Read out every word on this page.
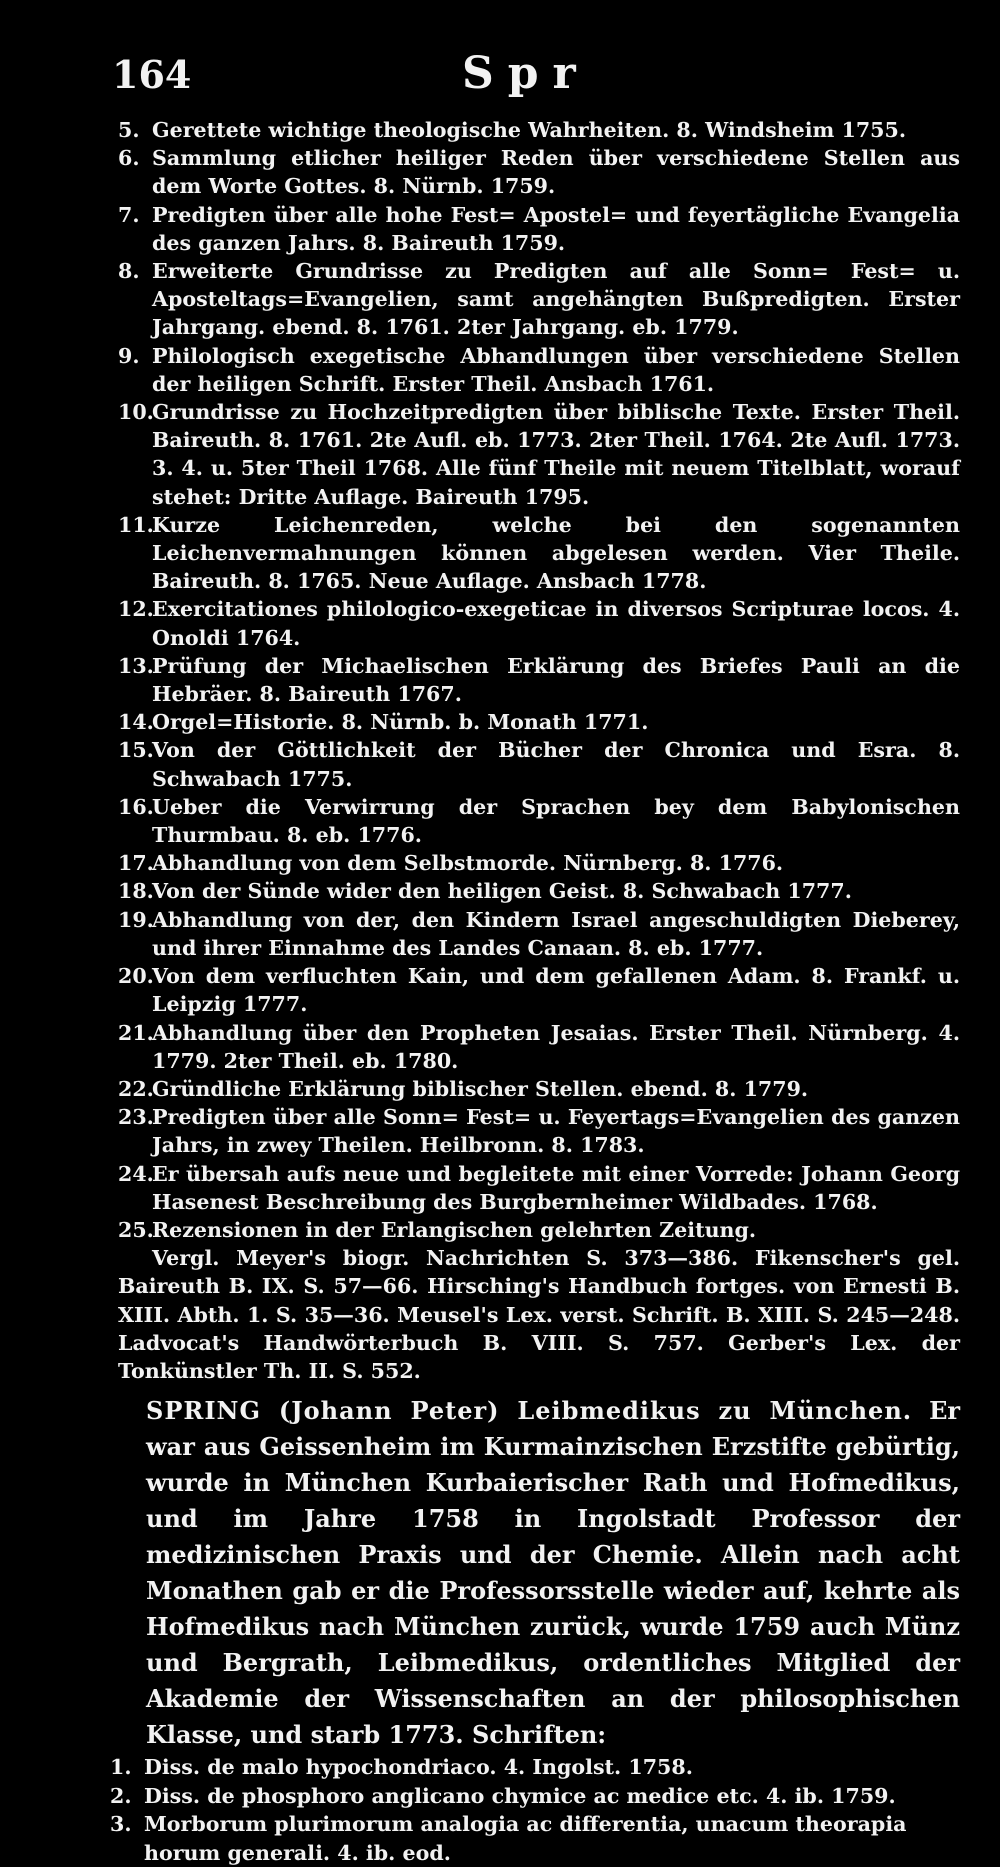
164	Spr
5. Gerettete wichtige theologische Wahrheiten. 8. Windsheim 1755.
6. Sammlung etlicher heiliger Reden über verschiedene Stellen aus dem Worte Gottes. 8. Nürnb. 1759.
7. Predigten über alle hohe Fest= Apostel= und feyertägliche Evangelia des ganzen Jahrs. 8. Baireuth 1759.
8. Erweiterte Grundrisse zu Predigten auf alle Sonn= Fest= u. Aposteltags=Evangelien, samt angehängten Bußpredigten. Erster Jahrgang. ebend. 8. 1761. 2ter Jahrgang. eb. 1779.
9. Philologisch exegetische Abhandlungen über verschiedene Stellen der heiligen Schrift. Erster Theil. Ansbach 1761.
10.
Grundrisse zu Hochzeitpredigten über biblische Texte. Erster Theil. Baireuth. 8. 1761. 2te Aufl. eb. 1773. 2ter Theil. 1764. 2te Aufl. 1773. 3. 4. u. 5ter Theil 1768. Alle fünf Theile mit neuem Titelblatt, worauf stehet: Dritte Auflage. Baireuth 1795.
11.
Kurze Leichenreden, welche bei den sogenannten Leichenvermahnungen können abgelesen werden. Vier Theile. Baireuth. 8. 1765. Neue Auflage. Ansbach 1778.
12.
Exercitationes philologico-exegeticae in diversos Scripturae locos. 4. Onoldi 1764.
13.
Prüfung der Michaelischen Erklärung des Briefes Pauli an die Hebräer. 8. Baireuth 1767.
14.
Orgel=Historie. 8. Nürnb. b. Monath 1771.
15.
Von der Göttlichkeit der Bücher der Chronica und Esra. 8. Schwabach 1775.
16.
Ueber die Verwirrung der Sprachen bey dem Babylonischen Thurmbau. 8. eb. 1776.
17.
Abhandlung von dem Selbstmorde. Nürnberg. 8. 1776.
18.
Von der Sünde wider den heiligen Geist. 8. Schwabach 1777.
19.
Abhandlung von der, den Kindern Israel angeschuldigten Dieberey, und ihrer Einnahme des Landes Canaan. 8. eb. 1777.
20.
Von dem verfluchten Kain, und dem gefallenen Adam. 8. Frankf. u. Leipzig 1777.
21.
Abhandlung über den Propheten Jesaias. Erster Theil. Nürnberg. 4. 1779. 2ter Theil. eb. 1780.
22.
Gründliche Erklärung biblischer Stellen. ebend. 8. 1779.
23.
Predigten über alle Sonn= Fest= u. Feyertags=Evangelien des ganzen Jahrs, in zwey Theilen. Heilbronn. 8. 1783.
24.
Er übersah aufs neue und begleitete mit einer Vorrede: Johann Georg Hasenest Beschreibung des Burgbernheimer Wildbades. 1768.
25.
Rezensionen in der Erlangischen gelehrten Zeitung.

Vergl. Meyer's biogr. Nachrichten S. 373—386. Fikenscher's gel. Baireuth B. IX. S. 57—66. Hirsching's Handbuch fortges. von Ernesti B. XIII. Abth. 1. S. 35—36. Meusel's Lex. verst. Schrift. B. XIII. S. 245—248. Ladvocat's Handwörterbuch B. VIII. S. 757. Gerber's Lex. der Tonkünstler Th. II. S. 552.

SPRING (Johann Peter) Leibmedikus zu München. Er war aus Geissenheim im Kurmainzischen Erzstifte gebürtig, wurde in München Kurbaierischer Rath und Hofmedikus, und im Jahre 1758 in Ingolstadt Professor der medizinischen Praxis und der Chemie. Allein nach acht Monathen gab er die Professorsstelle wieder auf, kehrte als Hofmedikus nach München zurück, wurde 1759 auch Münz und Bergrath, Leibmedikus, ordentliches Mitglied der Akademie der Wissenschaften an der philosophischen Klasse, und starb 1773. Schriften:
1. Diss. de malo hypochondriaco. 4. Ingolst. 1758.
2. Diss. de phosphoro anglicano chymice ac medice etc. 4. ib. 1759.
3. Morborum plurimorum analogia ac differentia, unacum theorapia horum generali. 4. ib. eod.
